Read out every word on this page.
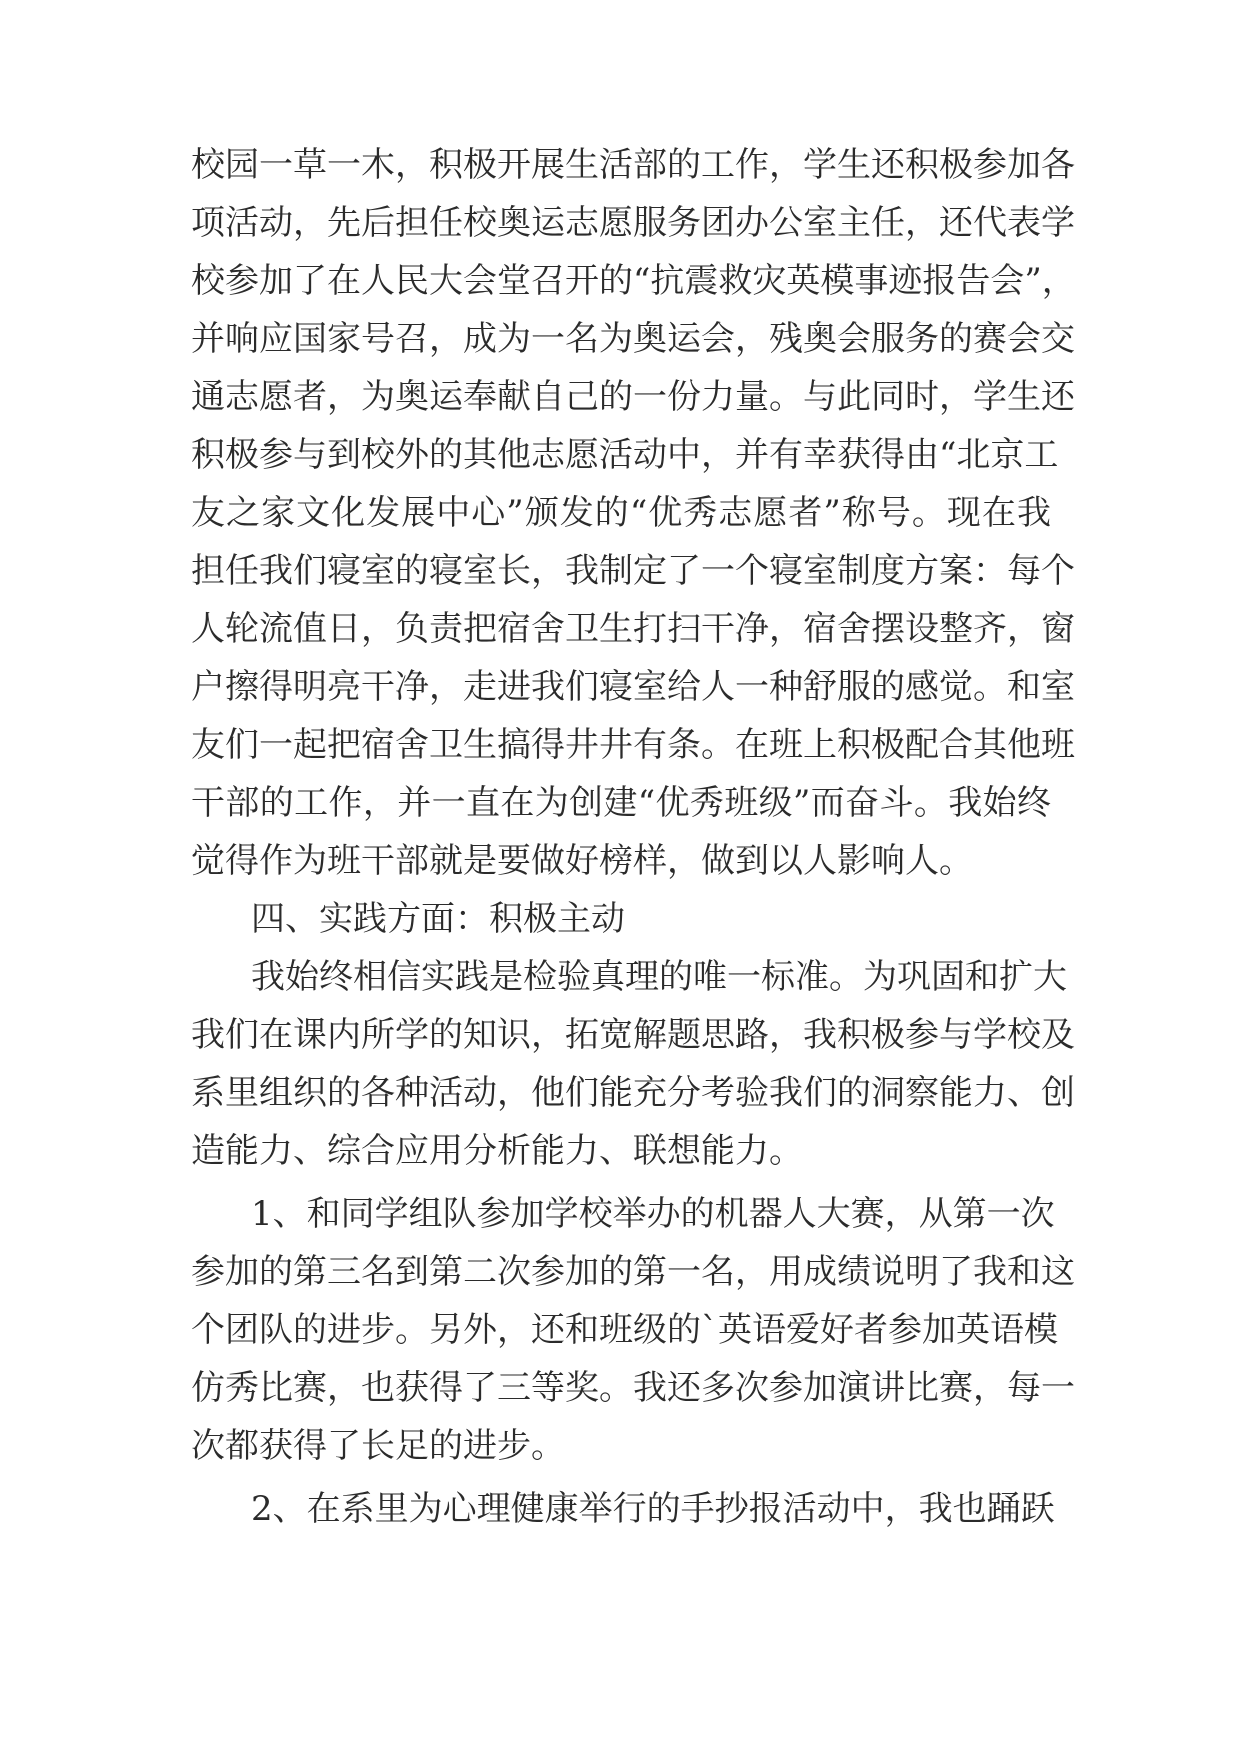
校园一草一木，积极开展生活部的工作，学生还积极参加各
项活动，先后担任校奥运志愿服务团办公室主任，还代表学
校参加了在人民大会堂召开的“抗震救灾英模事迹报告会”，
并响应国家号召，成为一名为奥运会，残奥会服务的赛会交
通志愿者，为奥运奉献自己的一份力量。与此同时，学生还
积极参与到校外的其他志愿活动中，并有幸获得由“北京工
友之家文化发展中心”颁发的“优秀志愿者”称号。现在我
担任我们寝室的寝室长，我制定了一个寝室制度方案：每个
人轮流值日，负责把宿舍卫生打扫干净，宿舍摆设整齐，窗
户擦得明亮干净，走进我们寝室给人一种舒服的感觉。和室
友们一起把宿舍卫生搞得井井有条。在班上积极配合其他班
干部的工作，并一直在为创建“优秀班级”而奋斗。我始终
觉得作为班干部就是要做好榜样，做到以人影响人。
四、实践方面：积极主动
我始终相信实践是检验真理的唯一标准。为巩固和扩大
我们在课内所学的知识，拓宽解题思路，我积极参与学校及
系里组织的各种活动，他们能充分考验我们的洞察能力、创
造能力、综合应用分析能力、联想能力。
1、和同学组队参加学校举办的机器人大赛，从第一次
参加的第三名到第二次参加的第一名，用成绩说明了我和这
个团队的进步。另外，还和班级的`英语爱好者参加英语模
仿秀比赛，也获得了三等奖。我还多次参加演讲比赛，每一
次都获得了长足的进步。
2、在系里为心理健康举行的手抄报活动中，我也踊跃
